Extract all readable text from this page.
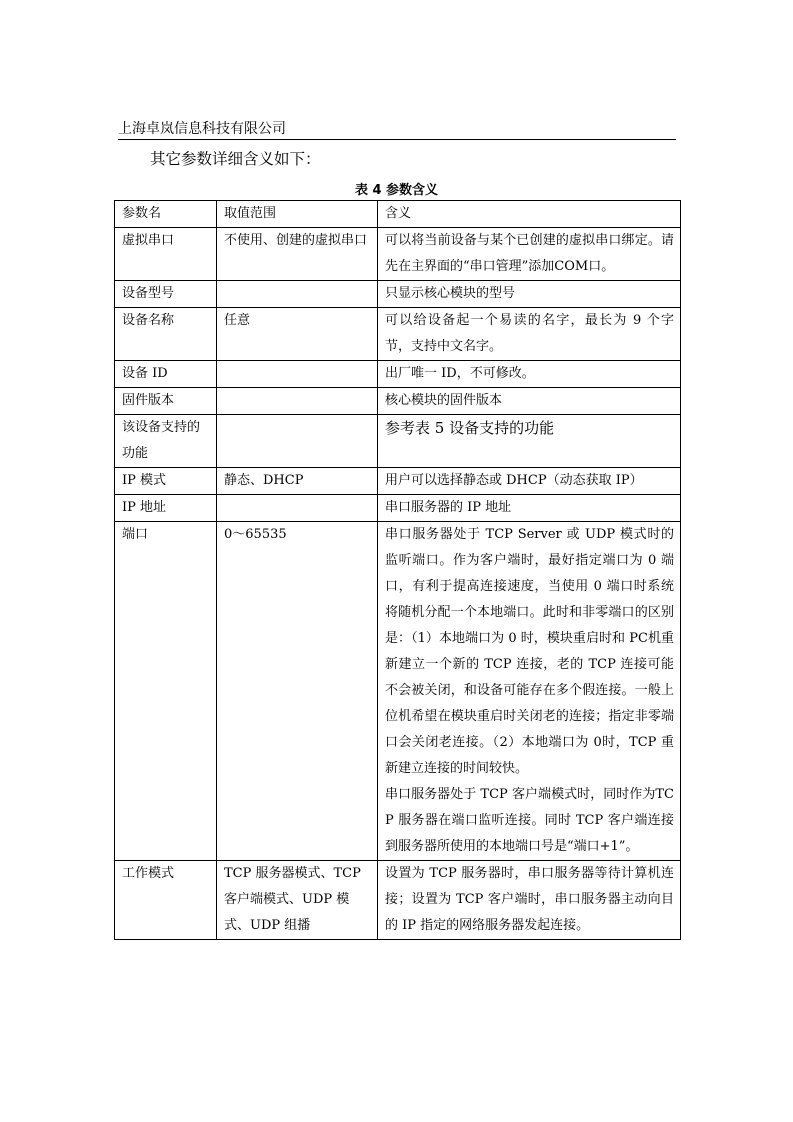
上海卓岚信息科技有限公司
其它参数详细含义如下：
表 4 参数含义
参数名	取值范围	含义
虚拟串口	不使用、创建的虚拟串口	可以将当前设备与某个已创建的虚拟串口绑定。请先在主界面的“串口管理”添加COM口。
设备型号		只显示核心模块的型号
设备名称	任意	可以给设备起一个易读的名字，最长为 9 个字节，支持中文名字。
设备 ID		出厂唯一 ID，不可修改。
固件版本		核心模块的固件版本
该设备支持的功能		参考表 5 设备支持的功能
IP 模式	静态、DHCP	用户可以选择静态或 DHCP（动态获取 IP）
IP 地址		串口服务器的 IP 地址
端口	0～65535	串口服务器处于 TCP Server 或 UDP 模式时的监听端口。作为客户端时，最好指定端口为 0 端口，有利于提高连接速度，当使用 0 端口时系统将随机分配一个本地端口。此时和非零端口的区别是：（1）本地端口为 0 时，模块重启时和 PC机重新建立一个新的 TCP 连接，老的 TCP 连接可能不会被关闭，和设备可能存在多个假连接。一般上位机希望在模块重启时关闭老的连接；指定非零端口会关闭老连接。（2）本地端口为 0时，TCP 重新建立连接的时间较快。
串口服务器处于 TCP 客户端模式时，同时作为TCP 服务器在端口监听连接。同时 TCP 客户端连接到服务器所使用的本地端口号是“端口+1”。

工作模式	TCP 服务器模式、TCP客户端模式、UDP 模式、UDP 组播	设置为 TCP 服务器时，串口服务器等待计算机连接；设置为 TCP 客户端时，串口服务器主动向目的 IP 指定的网络服务器发起连接。
